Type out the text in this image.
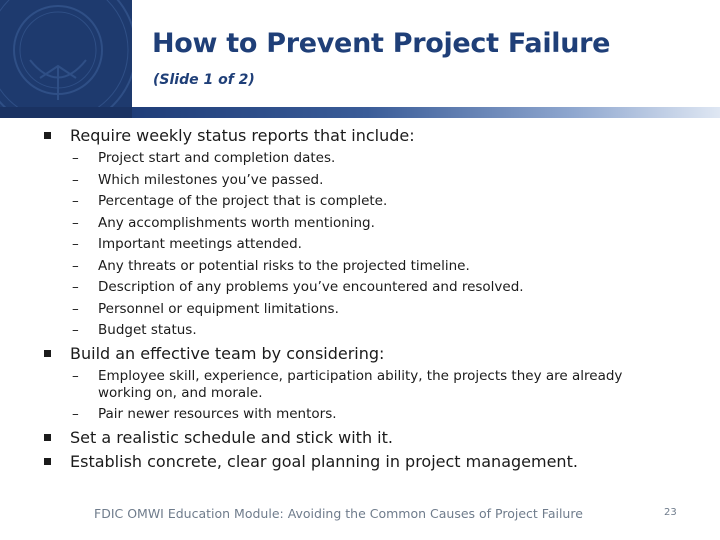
How to Prevent Project Failure
(Slide 1 of 2)
Require weekly status reports that include:
– Project start and completion dates.
– Which milestones you’ve passed.
– Percentage of the project that is complete.
– Any accomplishments worth mentioning.
– Important meetings attended.
– Any threats or potential risks to the projected timeline.
– Description of any problems you’ve encountered and resolved.
– Personnel or equipment limitations.
– Budget status.
Build an effective team by considering:
– Employee skill, experience, participation ability, the projects they are already working on, and morale.
– Pair newer resources with mentors.
Set a realistic schedule and stick with it.
Establish concrete, clear goal planning in project management.
FDIC OMWI Education Module: Avoiding the Common Causes of Project Failure	23
